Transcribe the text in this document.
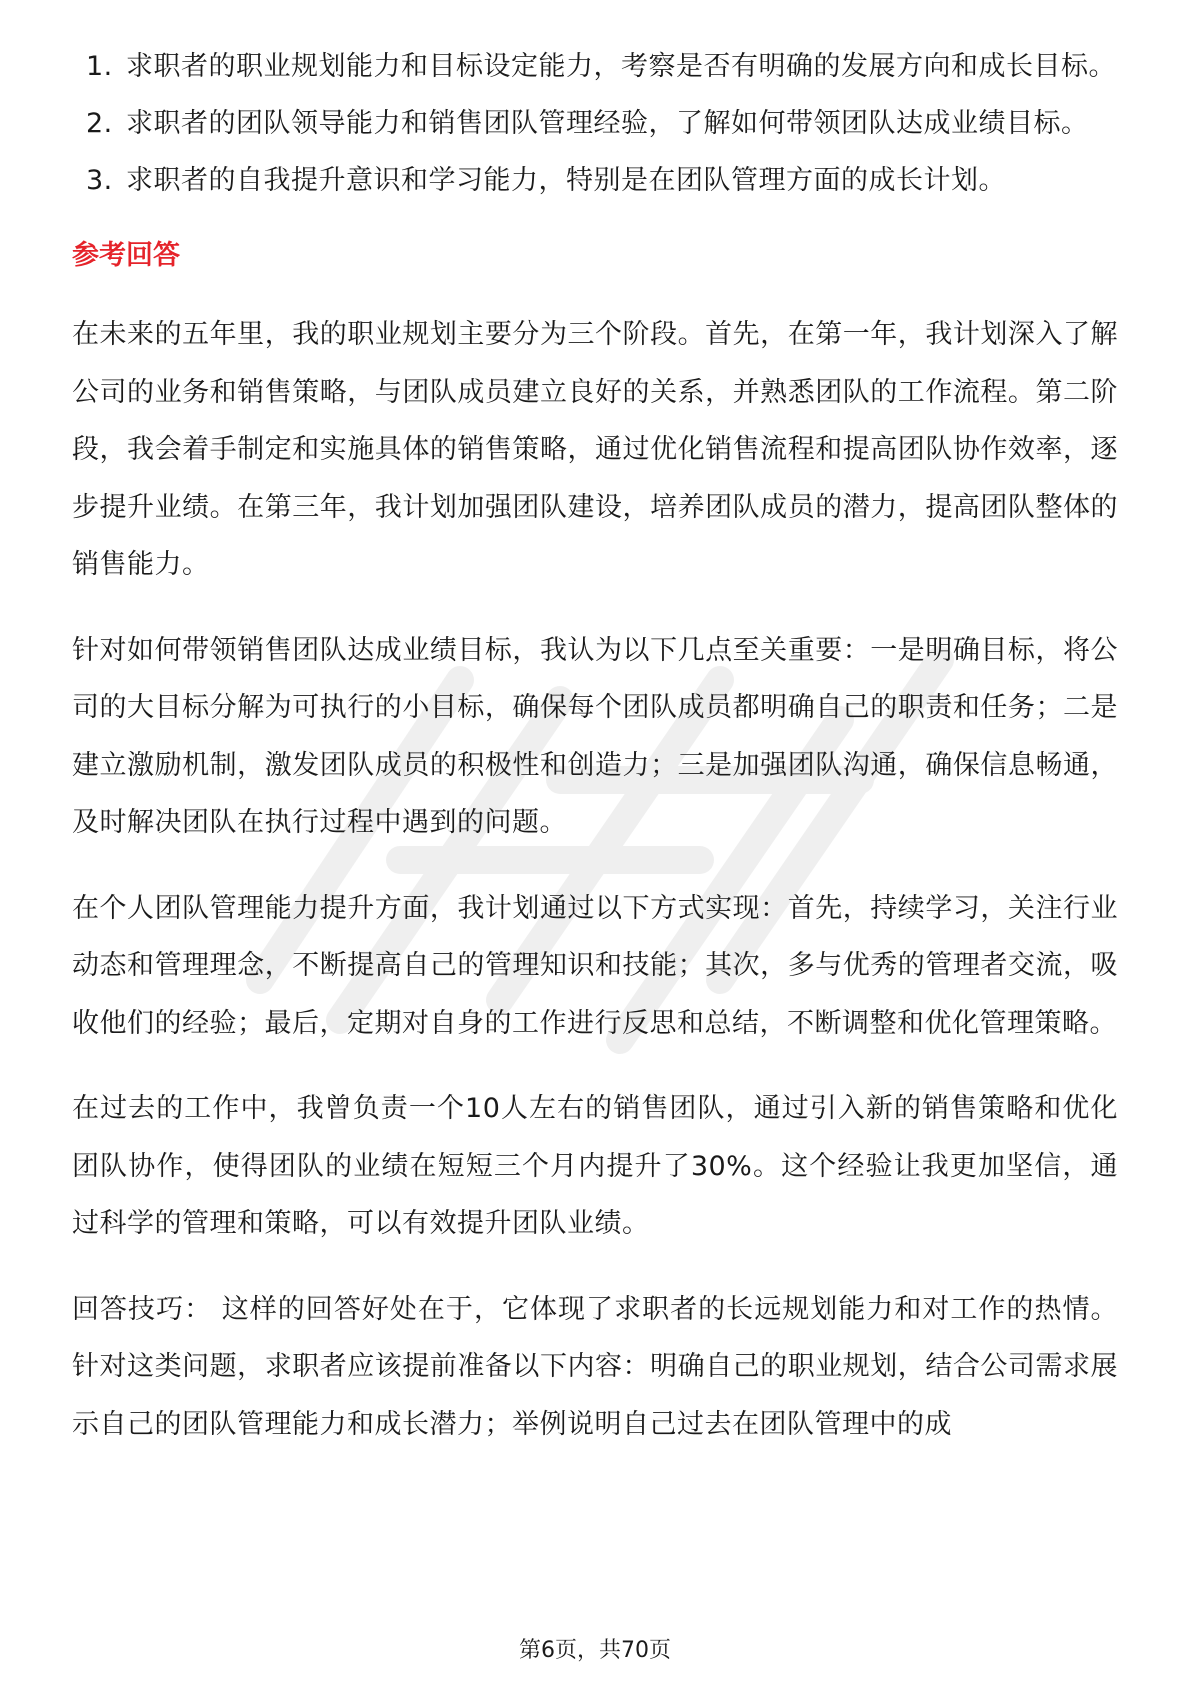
1. 求职者的职业规划能力和目标设定能力，考察是否有明确的发展方向和成长目标。
2. 求职者的团队领导能力和销售团队管理经验，了解如何带领团队达成业绩目标。
3. 求职者的自我提升意识和学习能力，特别是在团队管理方面的成长计划。
参考回答

在未来的五年里，我的职业规划主要分为三个阶段。首先，在第一年，我计划深入了解公司的业务和销售策略，与团队成员建立良好的关系，并熟悉团队的工作流程。第二阶段，我会着手制定和实施具体的销售策略，通过优化销售流程和提高团队协作效率，逐步提升业绩。在第三年，我计划加强团队建设，培养团队成员的潜力，提高团队整体的销售能力。

针对如何带领销售团队达成业绩目标，我认为以下几点至关重要：一是明确目标，将公司的大目标分解为可执行的小目标，确保每个团队成员都明确自己的职责和任务；二是建立激励机制，激发团队成员的积极性和创造力；三是加强团队沟通，确保信息畅通，及时解决团队在执行过程中遇到的问题。

在个人团队管理能力提升方面，我计划通过以下方式实现：首先，持续学习，关注行业动态和管理理念，不断提高自己的管理知识和技能；其次，多与优秀的管理者交流，吸收他们的经验；最后，定期对自身的工作进行反思和总结，不断调整和优化管理策略。

在过去的工作中，我曾负责一个10人左右的销售团队，通过引入新的销售策略和优化团队协作，使得团队的业绩在短短三个月内提升了30%。这个经验让我更加坚信，通过科学的管理和策略，可以有效提升团队业绩。

回答技巧： 这样的回答好处在于，它体现了求职者的长远规划能力和对工作的热情。针对这类问题，求职者应该提前准备以下内容：明确自己的职业规划，结合公司需求展示自己的团队管理能力和成长潜力；举例说明自己过去在团队管理中的成

第6页，共70页
